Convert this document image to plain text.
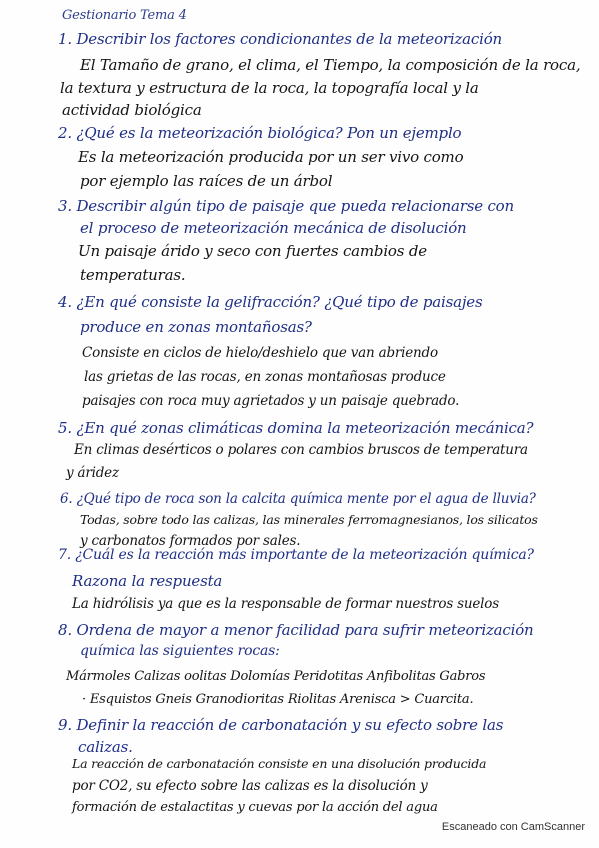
Gestionario Tema 4
1. Describir los factores condicionantes de la meteorización
El Tamaño de grano, el clima, el Tiempo, la composición de la roca,
la textura y estructura de la roca, la topografía local y la
actividad biológica
2. ¿Qué es la meteorización biológica? Pon un ejemplo
Es la meteorización producida por un ser vivo como
por ejemplo las raíces de un árbol
3. Describir algún tipo de paisaje que pueda relacionarse con
el proceso de meteorización mecánica de disolución
Un paisaje árido y seco con fuertes cambios de
temperaturas.
4. ¿En qué consiste la gelifracción? ¿Qué tipo de paisajes
produce en zonas montañosas?
Consiste en ciclos de hielo/deshielo que van abriendo
las grietas de las rocas, en zonas montañosas produce
paisajes con roca muy agrietados y un paisaje quebrado.
5. ¿En qué zonas climáticas domina la meteorización mecánica?
En climas desérticos o polares con cambios bruscos de temperatura
y áridez
6. ¿Qué tipo de roca son la calcita química mente por el agua de lluvia?
Todas, sobre todo las calizas, las minerales ferromagnesianos, los silicatos
y carbonatos formados por sales.
7. ¿Cuál es la reacción más importante de la meteorización química?
Razona la respuesta
La hidrólisis ya que es la responsable de formar nuestros suelos
8. Ordena de mayor a menor facilidad para sufrir meteorización
química las siguientes rocas:
Mármoles Calizas oolitas Dolomías Peridotitas Anfibolitas Gabros
· Esquistos Gneis Granodioritas Riolitas Arenisca > Cuarcita.
9. Definir la reacción de carbonatación y su efecto sobre las
calizas.
La reacción de carbonatación consiste en una disolución producida
por CO2, su efecto sobre las calizas es la disolución y
formación de estalactitas y cuevas por la acción del agua
Escaneado con CamScanner
